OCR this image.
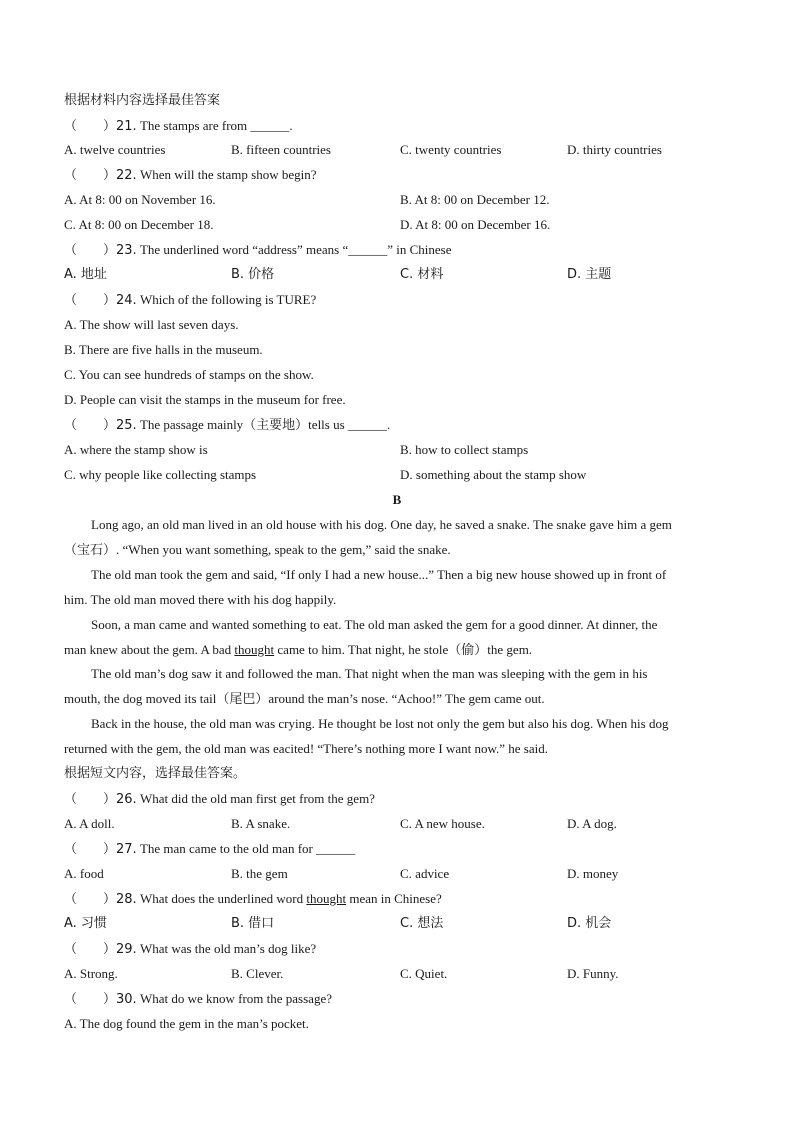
根据材料内容选择最佳答案
（　　）21. The stamps are from ______.
A. twelve countries	B. fifteen countries	C. twenty countries	D. thirty countries
（　　）22. When will the stamp show begin?
A. At 8: 00 on November 16.	B. At 8: 00 on December 12.
C. At 8: 00 on December 18.	D. At 8: 00 on December 16.
（　　）23. The underlined word “address” means “______” in Chinese
A. 地址	B. 价格	C. 材料	D. 主题
（　　）24. Which of the following is TURE?
A. The show will last seven days.
B. There are five halls in the museum.
C. You can see hundreds of stamps on the show.
D. People can visit the stamps in the museum for free.
（　　）25. The passage mainly（主要地）tells us ______.
A. where the stamp show is	B. how to collect stamps
C. why people like collecting stamps	D. something about the stamp show
B
Long ago, an old man lived in an old house with his dog. One day, he saved a snake. The snake gave him a gem
（宝石）. “When you want something, speak to the gem,” said the snake.
The old man took the gem and said, “If only I had a new house...” Then a big new house showed up in front of
him. The old man moved there with his dog happily.
Soon, a man came and wanted something to eat. The old man asked the gem for a good dinner. At dinner, the
man knew about the gem. A bad thought came to him. That night, he stole（偷）the gem.
The old man’s dog saw it and followed the man. That night when the man was sleeping with the gem in his
mouth, the dog moved its tail（尾巴）around the man’s nose. “Achoo!” The gem came out.
Back in the house, the old man was crying. He thought be lost not only the gem but also his dog. When his dog
returned with the gem, the old man was eacited! “There’s nothing more I want now.” he said.
根据短文内容，选择最佳答案。
（　　）26. What did the old man first get from the gem?
A. A doll.	B. A snake.	C. A new house.	D. A dog.
（　　）27. The man came to the old man for ______
A. food	B. the gem	C. advice	D. money
（　　）28. What does the underlined word thought mean in Chinese?
A. 习惯	B. 借口	C. 想法	D. 机会
（　　）29. What was the old man’s dog like?
A. Strong.	B. Clever.	C. Quiet.	D. Funny.
（　　）30. What do we know from the passage?
A. The dog found the gem in the man’s pocket.
